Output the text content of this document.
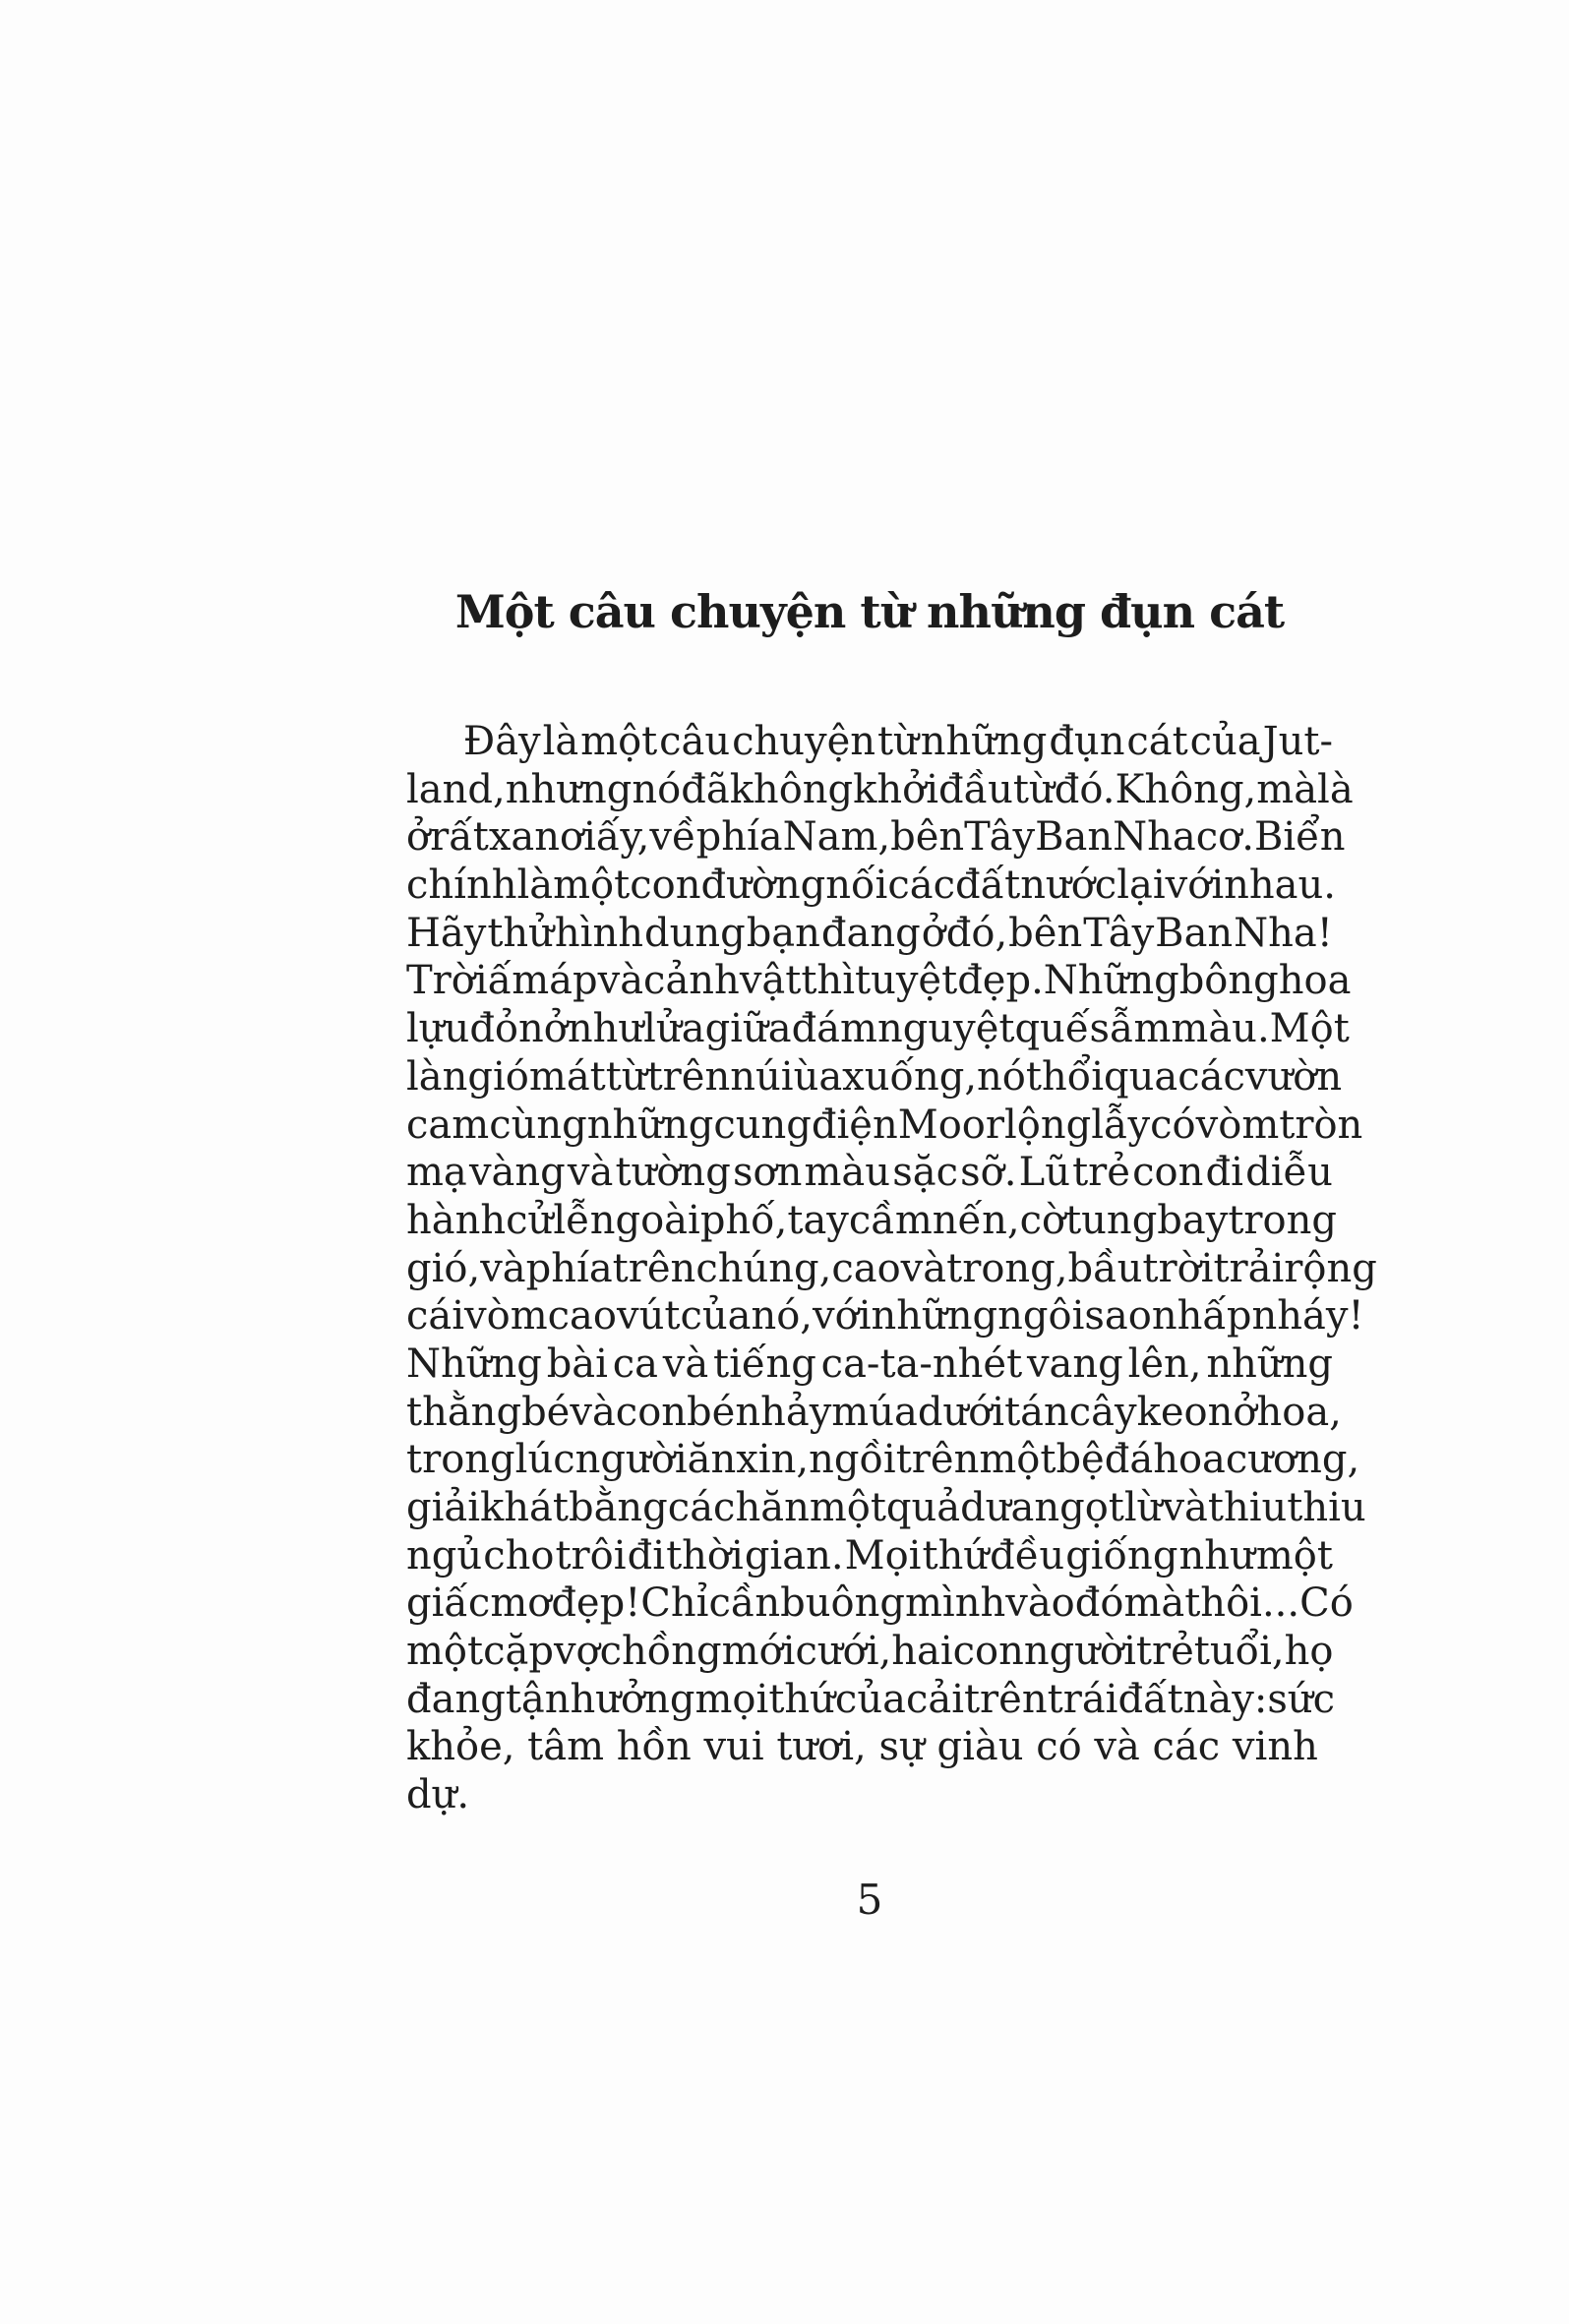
Một câu chuyện từ những đụn cát
Đây là một câu chuyện từ những đụn cát của Jut-
land, nhưng nó đã không khởi đầu từ đó. Không, mà là
ở rất xa nơi ấy, về phía Nam, bên Tây Ban Nha cơ. Biển
chính là một con đường nối các đất nước lại với nhau.
Hãy thử hình dung bạn đang ở đó, bên Tây Ban Nha!
Trời ấm áp và cảnh vật thì tuyệt đẹp. Những bông hoa
lựu đỏ nở như lửa giữa đám nguyệt quế sẫm màu. Một
làn gió mát từ trên núi ùa xuống, nó thổi qua các vườn
cam cùng những cung điện Moor lộng lẫy có vòm tròn
mạ vàng và tường sơn màu sặc sỡ. Lũ trẻ con đi diễu
hành cử lễ ngoài phố, tay cầm nến, cờ tung bay trong
gió, và phía trên chúng, cao và trong, bầu trời trải rộng
cái vòm cao vút của nó, với những ngôi sao nhấp nháy!
Những bài ca và tiếng ca-ta-nhét vang lên, những
thằng bé và con bé nhảy múa dưới tán cây keo nở hoa,
trong lúc người ăn xin, ngồi trên một bệ đá hoa cương,
giải khát bằng cách ăn một quả dưa ngọt lừ và thiu thiu
ngủ cho trôi đi thời gian. Mọi thứ đều giống như một
giấc mơ đẹp! Chỉ cần buông mình vào đó mà thôi... Có
một cặp vợ chồng mới cưới, hai con người trẻ tuổi, họ
đang tận hưởng mọi thứ của cải trên trái đất này: sức
khỏe, tâm hồn vui tươi, sự giàu có và các vinh dự.
5
